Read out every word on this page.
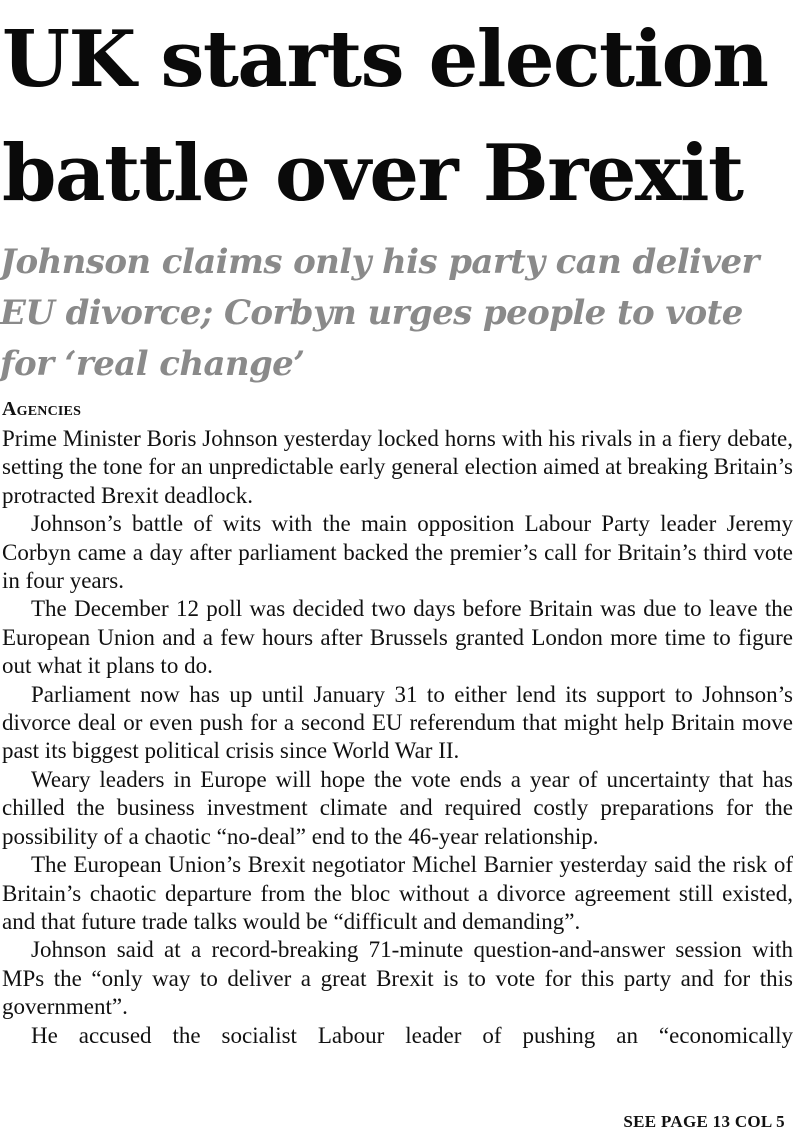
UK starts election
battle over Brexit
Johnson claims only his party can deliver
EU divorce; Corbyn urges people to vote
for ‘real change’
Agencies

Prime Minister Boris Johnson yesterday locked horns with his rivals in a fiery debate, setting the tone for an unpredictable early general election aimed at breaking Britain’s protracted Brexit deadlock.

Johnson’s battle of wits with the main opposition Labour Party leader Jeremy Corbyn came a day after parliament backed the premier’s call for Britain’s third vote in four years.

The December 12 poll was decided two days before Britain was due to leave the European Union and a few hours after Brussels granted London more time to figure out what it plans to do.

Parliament now has up until January 31 to either lend its support to Johnson’s divorce deal or even push for a second EU referendum that might help Britain move past its biggest political crisis since World War II.

Weary leaders in Europe will hope the vote ends a year of uncertainty that has chilled the business investment climate and required costly preparations for the possibility of a chaotic “no-deal” end to the 46-year relationship.

The European Union’s Brexit negotiator Michel Barnier yesterday said the risk of Britain’s chaotic departure from the bloc without a divorce agreement still existed, and that future trade talks would be “difficult and demanding”.

Johnson said at a record-breaking 71-minute question-and-answer session with MPs the “only way to deliver a great Brexit is to vote for this party and for this government”.

He accused the socialist Labour leader of pushing an “economically

SEE PAGE 13 COL 5
